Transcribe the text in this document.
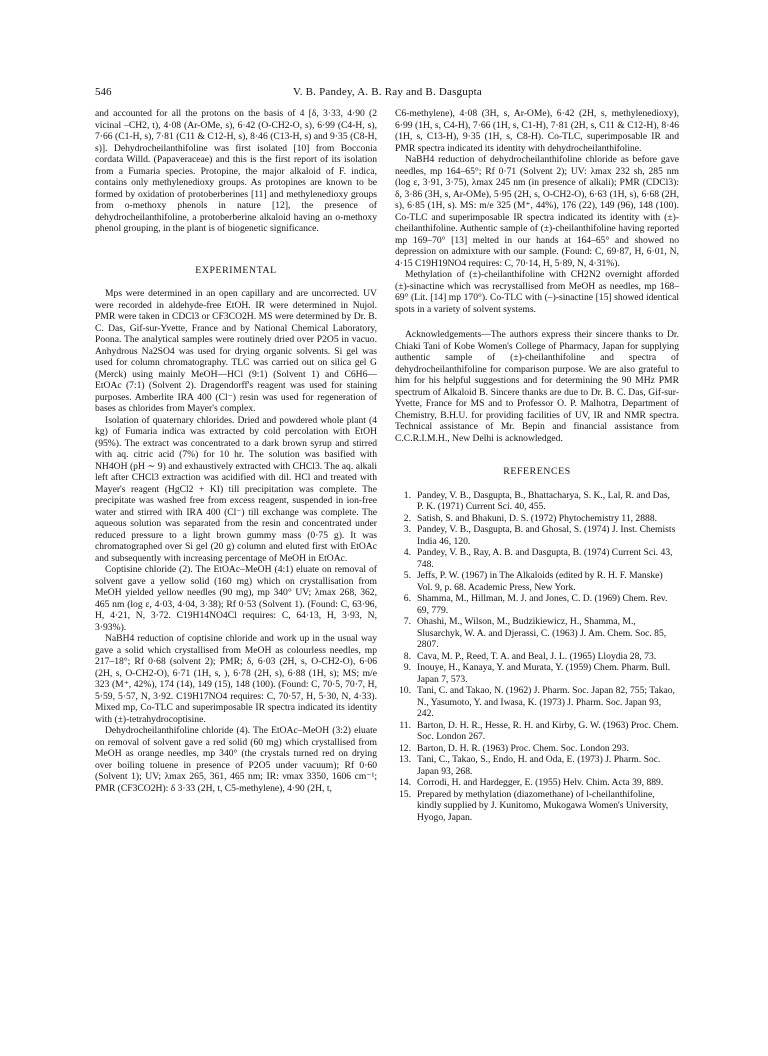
546	V. B. Pandey, A. B. Ray and B. Dasgupta

and accounted for all the protons on the basis of 4 [δ, 3·33, 4·90 (2 vicinal –CH2, t), 4·08 (Ar-OMe, s), 6·42 (O-CH2-O, s), 6·99 (C4-H, s), 7·66 (C1-H, s), 7·81 (C11 & C12-H, s), 8·46 (C13-H, s) and 9·35 (C8-H, s)]. Dehydrocheilanthifoline was first isolated [10] from Bocconia cordata Willd. (Papaveraceae) and this is the first report of its isolation from a Fumaria species. Protopine, the major alkaloid of F. indica, contains only methylenedioxy groups. As protopines are known to be formed by oxidation of protoberberines [11] and methylenedioxy groups from o-methoxy phenols in nature [12], the presence of dehydrocheilanthifoline, a protoberberine alkaloid having an o-methoxy phenol grouping, in the plant is of biogenetic significance.

EXPERIMENTAL

Mps were determined in an open capillary and are uncorrected. UV were recorded in aldehyde-free EtOH. IR were determined in Nujol. PMR were taken in CDCl3 or CF3CO2H. MS were determined by Dr. B. C. Das, Gif-sur-Yvette, France and by National Chemical Laboratory, Poona. The analytical samples were routinely dried over P2O5 in vacuo. Anhydrous Na2SO4 was used for drying organic solvents. Si gel was used for column chromatography. TLC was carried out on silica gel G (Merck) using mainly MeOH—HCl (9:1) (Solvent 1) and C6H6—EtOAc (7:1) (Solvent 2). Dragendorff's reagent was used for staining purposes. Amberlite IRA 400 (Cl⁻) resin was used for regeneration of bases as chlorides from Mayer's complex.

Isolation of quaternary chlorides. Dried and powdered whole plant (4 kg) of Fumaria indica was extracted by cold percolation with EtOH (95%). The extract was concentrated to a dark brown syrup and stirred with aq. citric acid (7%) for 10 hr. The solution was basified with NH4OH (pH ∼ 9) and exhaustively extracted with CHCl3. The aq. alkali left after CHCl3 extraction was acidified with dil. HCl and treated with Mayer's reagent (HgCl2 + KI) till precipitation was complete. The precipitate was washed free from excess reagent, suspended in ion-free water and stirred with IRA 400 (Cl⁻) till exchange was complete. The aqueous solution was separated from the resin and concentrated under reduced pressure to a light brown gummy mass (0·75 g). It was chromatographed over Si gel (20 g) column and eluted first with EtOAc and subsequently with increasing percentage of MeOH in EtOAc.

Coptisine chloride (2). The EtOAc–MeOH (4:1) eluate on removal of solvent gave a yellow solid (160 mg) which on crystallisation from MeOH yielded yellow needles (90 mg), mp 340° UV; λmax 268, 362, 465 nm (log ε, 4·03, 4·04, 3·38); Rf 0·53 (Solvent 1). (Found: C, 63·96, H, 4·21, N, 3·72. C19H14NO4Cl requires: C, 64·13, H, 3·93, N, 3·93%).

NaBH4 reduction of coptisine chloride and work up in the usual way gave a solid which crystallised from MeOH as colourless needles, mp 217–18°; Rf 0·68 (solvent 2); PMR; δ, 6·03 (2H, s, O-CH2-O), 6·06 (2H, s, O-CH2-O), 6·71 (1H, s, ), 6·78 (2H, s), 6·88 (1H, s); MS; m/e 323 (M⁺, 42%), 174 (14), 149 (15), 148 (100). (Found: C, 70·5, 70·7, H, 5·59, 5·57, N, 3·92. C19H17NO4 requires: C, 70·57, H, 5·30, N, 4·33). Mixed mp, Co-TLC and superimposable IR spectra indicated its identity with (±)-tetrahydrocoptisine.

Dehydrocheilanthifoline chloride (4). The EtOAc–MeOH (3:2) eluate on removal of solvent gave a red solid (60 mg) which crystallised from MeOH as orange needles, mp 340° (the crystals turned red on drying over boiling toluene in presence of P2O5 under vacuum); Rf 0·60 (Solvent 1); UV; λmax 265, 361, 465 nm; IR: νmax 3350, 1606 cm⁻¹; PMR (CF3CO2H): δ 3·33 (2H, t, C5-methylene), 4·90 (2H, t,

C6-methylene), 4·08 (3H, s, Ar-OMe), 6·42 (2H, s, methylenedioxy), 6·99 (1H, s, C4-H), 7·66 (1H, s, C1-H), 7·81 (2H, s, C11 & C12-H), 8·46 (1H, s, C13-H), 9·35 (1H, s, C8-H). Co-TLC, superimposable IR and PMR spectra indicated its identity with dehydrocheilanthifoline.

NaBH4 reduction of dehydrocheilanthifoline chloride as before gave needles, mp 164–65°; Rf 0·71 (Solvent 2); UV: λmax 232 sh, 285 nm (log ε, 3·91, 3·75), λmax 245 nm (in presence of alkali); PMR (CDCl3): δ, 3·86 (3H, s, Ar-OMe), 5·95 (2H, s, O-CH2-O), 6·63 (1H, s), 6·68 (2H, s), 6·85 (1H, s). MS: m/e 325 (M⁺, 44%), 176 (22), 149 (96), 148 (100). Co-TLC and superimposable IR spectra indicated its identity with (±)-cheilanthifoline. Authentic sample of (±)-cheilanthifoline having reported mp 169–70° [13] melted in our hands at 164–65° and showed no depression on admixture with our sample. (Found: C, 69·87, H, 6·01, N, 4·15 C19H19NO4 requires: C, 70·14, H, 5·89, N, 4·31%).

Methylation of (±)-cheilanthifoline with CH2N2 overnight afforded (±)-sinactine which was recrystallised from MeOH as needles, mp 168–69° (Lit. [14] mp 170°). Co-TLC with (–)-sinactine [15] showed identical spots in a variety of solvent systems.

Acknowledgements—The authors express their sincere thanks to Dr. Chiaki Tani of Kobe Women's College of Pharmacy, Japan for supplying authentic sample of (±)-cheilanthifoline and spectra of dehydrocheilanthifoline for comparison purpose. We are also grateful to him for his helpful suggestions and for determining the 90 MHz PMR spectrum of Alkaloid B. Sincere thanks are due to Dr. B. C. Das, Gif-sur-Yvette, France for MS and to Professor O. P. Malhotra, Department of Chemistry, B.H.U. for providing facilities of UV, IR and NMR spectra. Technical assistance of Mr. Bepin and financial assistance from C.C.R.I.M.H., New Delhi is acknowledged.

REFERENCES

1. Pandey, V. B., Dasgupta, B., Bhattacharya, S. K., Lal, R. and Das, P. K. (1971) Current Sci. 40, 455.
2. Satish, S. and Bhakuni, D. S. (1972) Phytochemistry 11, 2888.
3. Pandey, V. B., Dasgupta, B. and Ghosal, S. (1974) J. Inst. Chemists India 46, 120.
4. Pandey, V. B., Ray, A. B. and Dasgupta, B. (1974) Current Sci. 43, 748.
5. Jeffs, P. W. (1967) in The Alkaloids (edited by R. H. F. Manske) Vol. 9, p. 68. Academic Press, New York.
6. Shamma, M., Hillman, M. J. and Jones, C. D. (1969) Chem. Rev. 69, 779.
7. Ohashi, M., Wilson, M., Budzikiewicz, H., Shamma, M., Slusarchyk, W. A. and Djerassi, C. (1963) J. Am. Chem. Soc. 85, 2807.
8. Cava, M. P., Reed, T. A. and Beal, J. L. (1965) Lloydia 28, 73.
9. Inouye, H., Kanaya, Y. and Murata, Y. (1959) Chem. Pharm. Bull. Japan 7, 573.
10. Tani, C. and Takao, N. (1962) J. Pharm. Soc. Japan 82, 755; Takao, N., Yasumoto, Y. and Iwasa, K. (1973) J. Pharm. Soc. Japan 93, 242.
11. Barton, D. H. R., Hesse, R. H. and Kirby, G. W. (1963) Proc. Chem. Soc. London 267.
12. Barton, D. H. R. (1963) Proc. Chem. Soc. London 293.
13. Tani, C., Takao, S., Endo, H. and Oda, E. (1973) J. Pharm. Soc. Japan 93, 268.
14. Corrodi, H. and Hardegger, E. (1955) Helv. Chim. Acta 39, 889.
15. Prepared by methylation (diazomethane) of l-cheilanthifoline, kindly supplied by J. Kunitomo, Mukogawa Women's University, Hyogo, Japan.
